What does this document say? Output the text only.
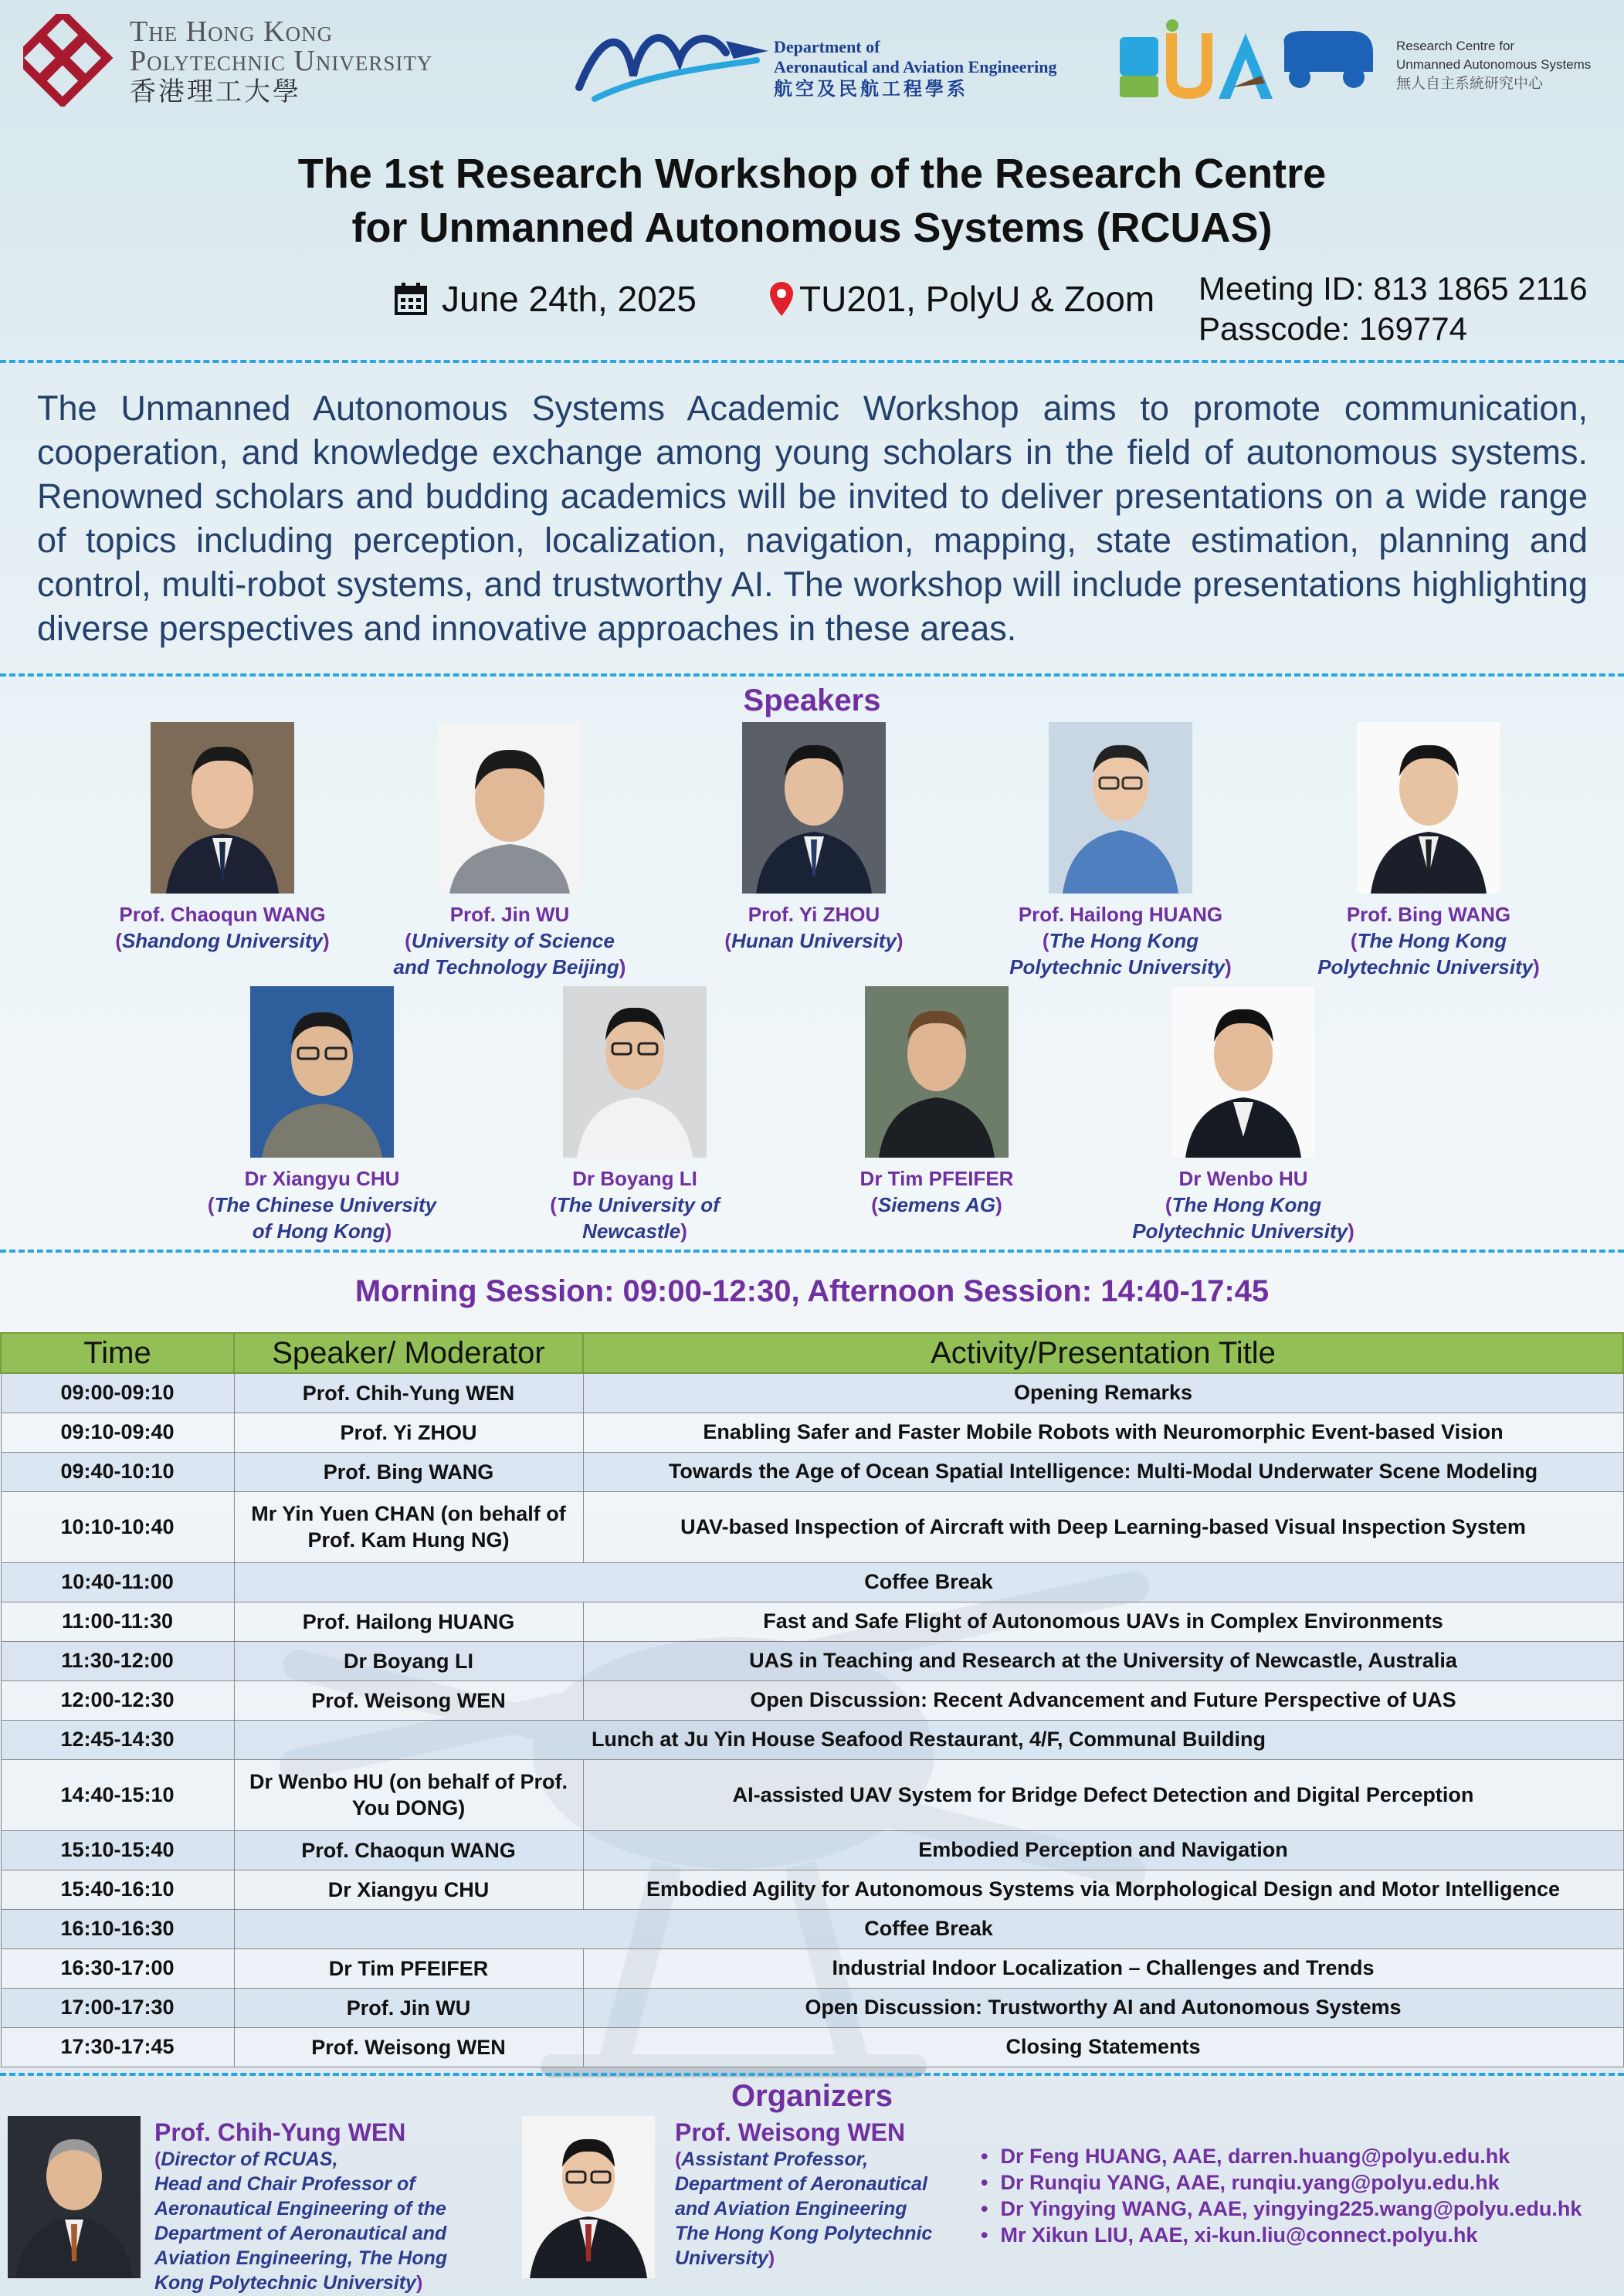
The Hong Kong
Polytechnic University
香港理工大學
Department of
Aeronautical and Aviation Engineering
航空及民航工程學系
Research Centre for
Unmanned Autonomous Systems
無人自主系統研究中心
The 1st Research Workshop of the Research Centre
for Unmanned Autonomous Systems (RCUAS)
June 24th, 2025	TU201, PolyU & Zoom Meeting ID: 813 1865 2116
Passcode: 169774
The Unmanned Autonomous Systems Academic Workshop aims to promote communication, cooperation, and knowledge exchange among young scholars in the field of autonomous systems. Renowned scholars and budding academics will be invited to deliver presentations on a wide range of topics including perception, localization, navigation, mapping, state estimation, planning and control, multi-robot systems, and trustworthy AI. The workshop will include presentations highlighting diverse perspectives and innovative approaches in these areas.
Speakers
Prof. Chaoqun WANG
( Shandong University )
Prof. Jin WU
(University of Science
and Technology Beijing)
Prof. Yi ZHOU
( Hunan University )
Prof. Hailong HUANG
(The Hong Kong
Polytechnic University)
Prof. Bing WANG
(The Hong Kong
Polytechnic University)
Dr Xiangyu CHU
(The Chinese University
of Hong Kong)
Dr Boyang LI
(The University of
Newcastle)
Dr Tim PFEIFER
( Siemens AG )
Dr Wenbo HU
(The Hong Kong
Polytechnic University)
Morning Session: 09:00-12:30, Afternoon Session: 14:40-17:45
Time	Speaker/ Moderator	Activity/Presentation Title
09:00-09:10	Prof. Chih-Yung WEN	Opening Remarks
09:10-09:40	Prof. Yi ZHOU	Enabling Safer and Faster Mobile Robots with Neuromorphic Event-based Vision
09:40-10:10	Prof. Bing WANG	Towards the Age of Ocean Spatial Intelligence: Multi-Modal Underwater Scene Modeling
10:10-10:40	Mr Yin Yuen CHAN (on behalf of Prof. Kam Hung NG)	UAV-based Inspection of Aircraft with Deep Learning-based Visual Inspection System
10:40-11:00	Coffee Break	
11:00-11:30	Prof. Hailong HUANG	Fast and Safe Flight of Autonomous UAVs in Complex Environments
11:30-12:00	Dr Boyang LI	UAS in Teaching and Research at the University of Newcastle, Australia
12:00-12:30	Prof. Weisong WEN	Open Discussion: Recent Advancement and Future Perspective of UAS
12:45-14:30	Lunch at Ju Yin House Seafood Restaurant, 4/F, Communal Building	
14:40-15:10	Dr Wenbo HU (on behalf of Prof. You DONG)	AI-assisted UAV System for Bridge Defect Detection and Digital Perception
15:10-15:40	Prof. Chaoqun WANG	Embodied Perception and Navigation
15:40-16:10	Dr Xiangyu CHU	Embodied Agility for Autonomous Systems via Morphological Design and Motor Intelligence
16:10-16:30	Coffee Break	
16:30-17:00	Dr Tim PFEIFER	Industrial Indoor Localization – Challenges and Trends
17:00-17:30	Prof. Jin WU	Open Discussion: Trustworthy AI and Autonomous Systems
17:30-17:45	Prof. Weisong WEN	Closing Statements
Organizers
Prof. Chih-Yung WEN
(Director of RCUAS,
Head and Chair Professor of
Aeronautical Engineering of the
Department of Aeronautical and
Aviation Engineering, The Hong
Kong Polytechnic University)
Prof. Weisong WEN
(Assistant Professor,
Department of Aeronautical
and Aviation Engineering
The Hong Kong Polytechnic
University)
• Dr Feng HUANG, AAE, darren.huang@polyu.edu.hk
• Dr Runqiu YANG, AAE, runqiu.yang@polyu.edu.hk
• Dr Yingying WANG, AAE, yingying225.wang@polyu.edu.hk
• Mr Xikun LIU, AAE, xi-kun.liu@connect.polyu.hk
